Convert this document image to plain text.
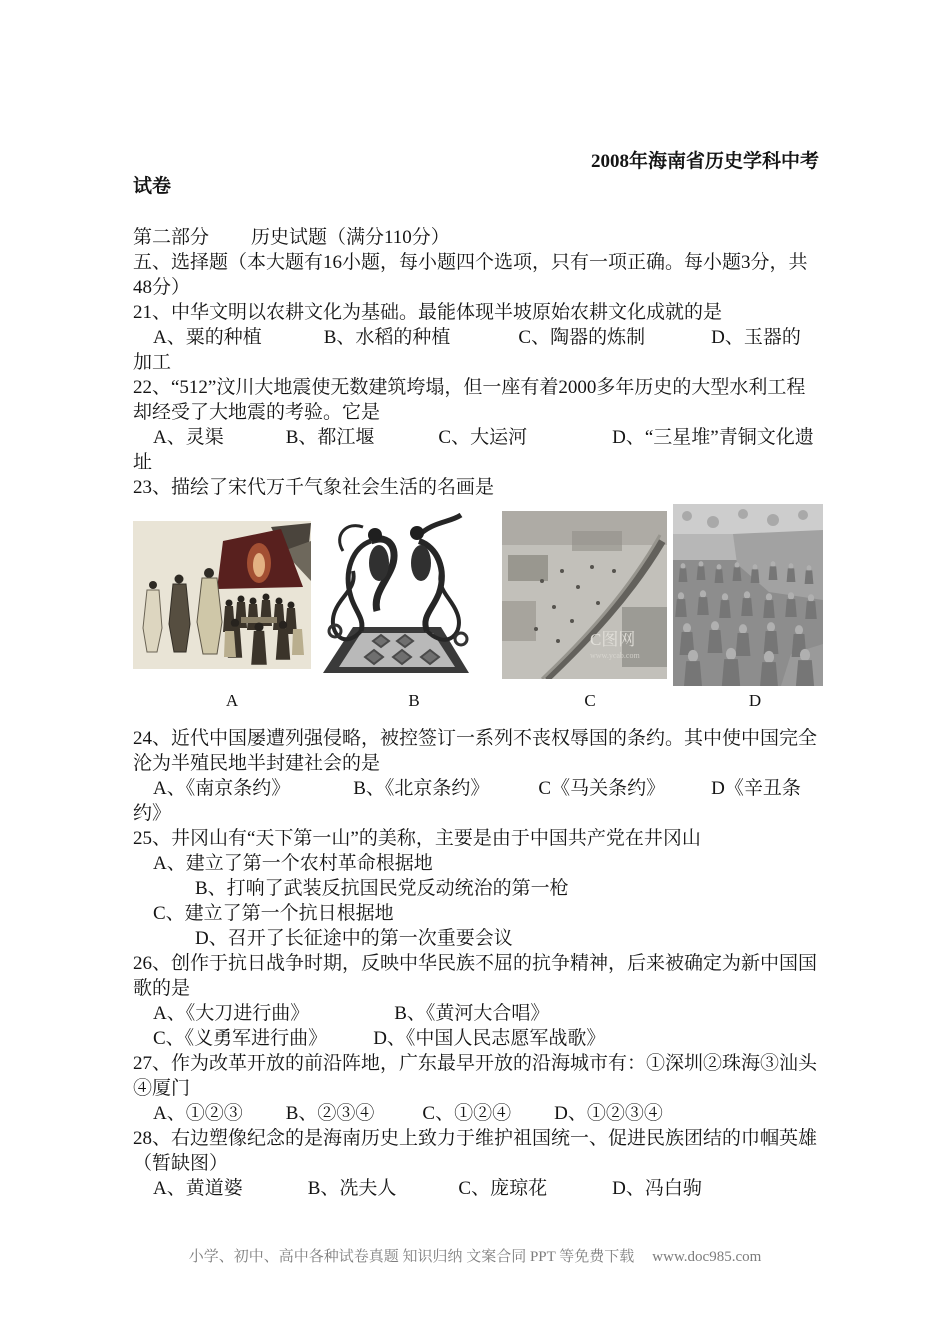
2008年海南省历史学科中考
试卷
第二部分 历史试题（满分110分）
五、选择题（本大题有16小题，每小题四个选项，只有一项正确。每小题3分，共48分）
21、中华文明以农耕文化为基础。最能体现半坡原始农耕文化成就的是
A、粟的种植	B、水稻的种植	C、陶器的炼制	D、玉器的加工
22、“512”汶川大地震使无数建筑垮塌，但一座有着2000多年历史的大型水利工程却经受了大地震的考验。它是
A、灵渠	B、都江堰	C、大运河	D、“三星堆”青铜文化遗址
23、描绘了宋代万千气象社会生活的名画是
C图网
www.ycab.com
A	B	C	D
24、近代中国屡遭列强侵略，被控签订一系列不丧权辱国的条约。其中使中国完全沦为半殖民地半封建社会的是
A、《南京条约》	B、《北京条约》	C《马关条约》 D《辛丑条约》
25、井冈山有“天下第一山”的美称，主要是由于中国共产党在井冈山
A、建立了第一个农村革命根据地
B、打响了武装反抗国民党反动统治的第一枪
C、建立了第一个抗日根据地
D、召开了长征途中的第一次重要会议
26、创作于抗日战争时期，反映中华民族不屈的抗争精神，后来被确定为新中国国歌的是
A、《大刀进行曲》	B、《黄河大合唱》
C、《义勇军进行曲》 D、《中国人民志愿军战歌》
27、作为改革开放的前沿阵地，广东最早开放的沿海城市有：①深圳②珠海③汕头④厦门
A、①②③ B、②③④	C、①②④ D、①②③④
28、右边塑像纪念的是海南历史上致力于维护祖国统一、促进民族团结的巾帼英雄（暂缺图）
A、黄道婆	B、冼夫人	C、庞琼花	D、冯白驹
小学、初中、高中各种试卷真题 知识归纳 文案合同 PPT 等免费下载 www.doc985.com
